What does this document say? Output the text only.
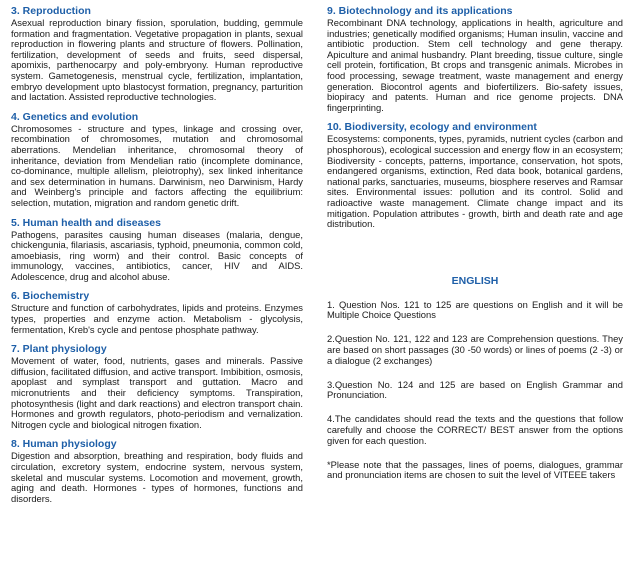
3. Reproduction

Asexual reproduction binary fission, sporulation, budding, gemmule formation and fragmentation. Vegetative propagation in plants, sexual reproduction in flowering plants and structure of flowers. Pollination, fertilization, development of seeds and fruits, seed dispersal, apomixis, parthenocarpy and poly-embryony. Human reproductive system. Gametogenesis, menstrual cycle, fertilization, implantation, embryo development upto blastocyst formation, pregnancy, parturition and lactation. Assisted reproductive technologies.

4. Genetics and evolution

Chromosomes - structure and types, linkage and crossing over, recombination of chromosomes, mutation and chromosomal aberrations. Mendelian inheritance, chromosomal theory of inheritance, deviation from Mendelian ratio (incomplete dominance, co-dominance, multiple allelism, pleiotrophy), sex linked inheritance and sex determination in humans. Darwinism, neo Darwinism, Hardy and Weinberg's principle and factors affecting the equilibrium: selection, mutation, migration and random genetic drift.

5. Human health and diseases

Pathogens, parasites causing human diseases (malaria, dengue, chickengunia, filariasis, ascariasis, typhoid, pneumonia, common cold, amoebiasis, ring worm) and their control. Basic concepts of immunology, vaccines, antibiotics, cancer, HIV and AIDS. Adolescence, drug and alcohol abuse.

6. Biochemistry

Structure and function of carbohydrates, lipids and proteins. Enzymes types, properties and enzyme action. Metabolism - glycolysis, fermentation, Kreb's cycle and pentose phosphate pathway.

7. Plant physiology

Movement of water, food, nutrients, gases and minerals. Passive diffusion, facilitated diffusion, and active transport. Imbibition, osmosis, apoplast and symplast transport and guttation. Macro and micronutrients and their deficiency symptoms. Transpiration, photosynthesis (light and dark reactions) and electron transport chain. Hormones and growth regulators, photo-periodism and vernalization. Nitrogen cycle and biological nitrogen fixation.

8. Human physiology

Digestion and absorption, breathing and respiration, body fluids and circulation, excretory system, endocrine system, nervous system, skeletal and muscular systems. Locomotion and movement, growth, aging and death. Hormones - types of hormones, functions and disorders.

9. Biotechnology and its applications

Recombinant DNA technology, applications in health, agriculture and industries; genetically modified organisms; Human insulin, vaccine and antibiotic production. Stem cell technology and gene therapy. Apiculture and animal husbandry. Plant breeding, tissue culture, single cell protein, fortification, Bt crops and transgenic animals. Microbes in food processing, sewage treatment, waste management and energy generation. Biocontrol agents and biofertilizers. Bio-safety issues, biopiracy and patents. Human and rice genome projects. DNA fingerprinting.

10. Biodiversity, ecology and environment

Ecosystems: components, types, pyramids, nutrient cycles (carbon and phosphorous), ecological succession and energy flow in an ecosystem; Biodiversity - concepts, patterns, importance, conservation, hot spots, endangered organisms, extinction, Red data book, botanical gardens, national parks, sanctuaries, museums, biosphere reserves and Ramsar sites. Environmental issues: pollution and its control. Solid and radioactive waste management. Climate change impact and its mitigation. Population attributes - growth, birth and death rate and age distribution.

ENGLISH

1. Question Nos. 121 to 125 are questions on English and it will be Multiple Choice Questions

2.Question No. 121, 122 and 123 are Comprehension questions. They are based on short passages (30 -50 words) or lines of poems (2 -3) or a dialogue (2 exchanges)

3.Question No. 124 and 125 are based on English Grammar and Pronunciation.

4.The candidates should read the texts and the questions that follow carefully and choose the CORRECT/ BEST answer from the options given for each question.

*Please note that the passages, lines of poems, dialogues, grammar and pronunciation items are chosen to suit the level of VITEEE takers
